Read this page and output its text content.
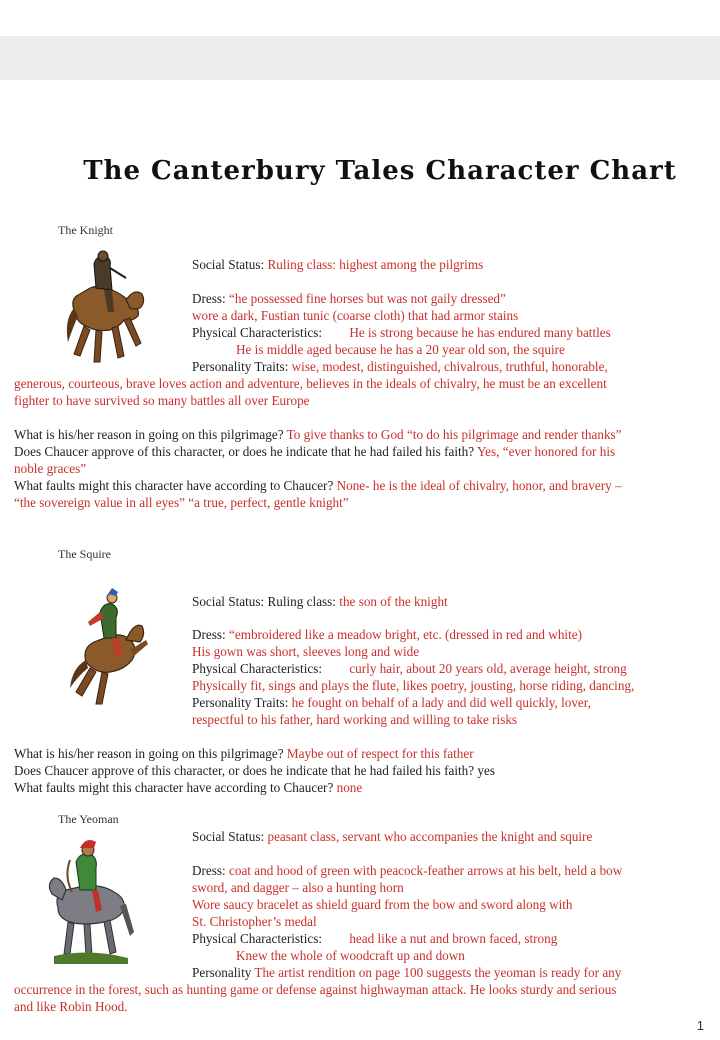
The Canterbury Tales Character Chart
The Knight
Social Status: Ruling class: highest among the pilgrims
Dress: “he possessed fine horses but was not gaily dressed”
wore a dark, Fustian tunic (coarse cloth) that had armor stains
Physical Characteristics: He is strong because he has endured many battles
He is middle aged because he has a 20 year old son, the squire
Personality Traits: wise, modest, distinguished, chivalrous, truthful, honorable,
generous, courteous, brave loves action and adventure, believes in the ideals of chivalry, he must be an excellent
fighter to have survived so many battles all over Europe
What is his/her reason in going on this pilgrimage? To give thanks to God “to do his pilgrimage and render thanks”
Does Chaucer approve of this character, or does he indicate that he had failed his faith? Yes, “ever honored for his
noble graces”
What faults might this character have according to Chaucer? None- he is the ideal of chivalry, honor, and bravery –
“the sovereign value in all eyes” “a true, perfect, gentle knight”
The Squire
Social Status: Ruling class: the son of the knight
Dress: “embroidered like a meadow bright, etc. (dressed in red and white)
His gown was short, sleeves long and wide
Physical Characteristics: curly hair, about 20 years old, average height, strong
Physically fit, sings and plays the flute, likes poetry, jousting, horse riding, dancing,
Personality Traits: he fought on behalf of a lady and did well quickly, lover,
respectful to his father, hard working and willing to take risks
What is his/her reason in going on this pilgrimage? Maybe out of respect for this father
Does Chaucer approve of this character, or does he indicate that he had failed his faith? yes
What faults might this character have according to Chaucer? none
The Yeoman
Social Status: peasant class, servant who accompanies the knight and squire
Dress: coat and hood of green with peacock-feather arrows at his belt, held a bow
sword, and dagger – also a hunting horn
Wore saucy bracelet as shield guard from the bow and sword along with
St. Christopher’s medal
Physical Characteristics: head like a nut and brown faced, strong
Knew the whole of woodcraft up and down
Personality The artist rendition on page 100 suggests the yeoman is ready for any
occurrence in the forest, such as hunting game or defense against highwayman attack. He looks sturdy and serious
and like Robin Hood.
1
